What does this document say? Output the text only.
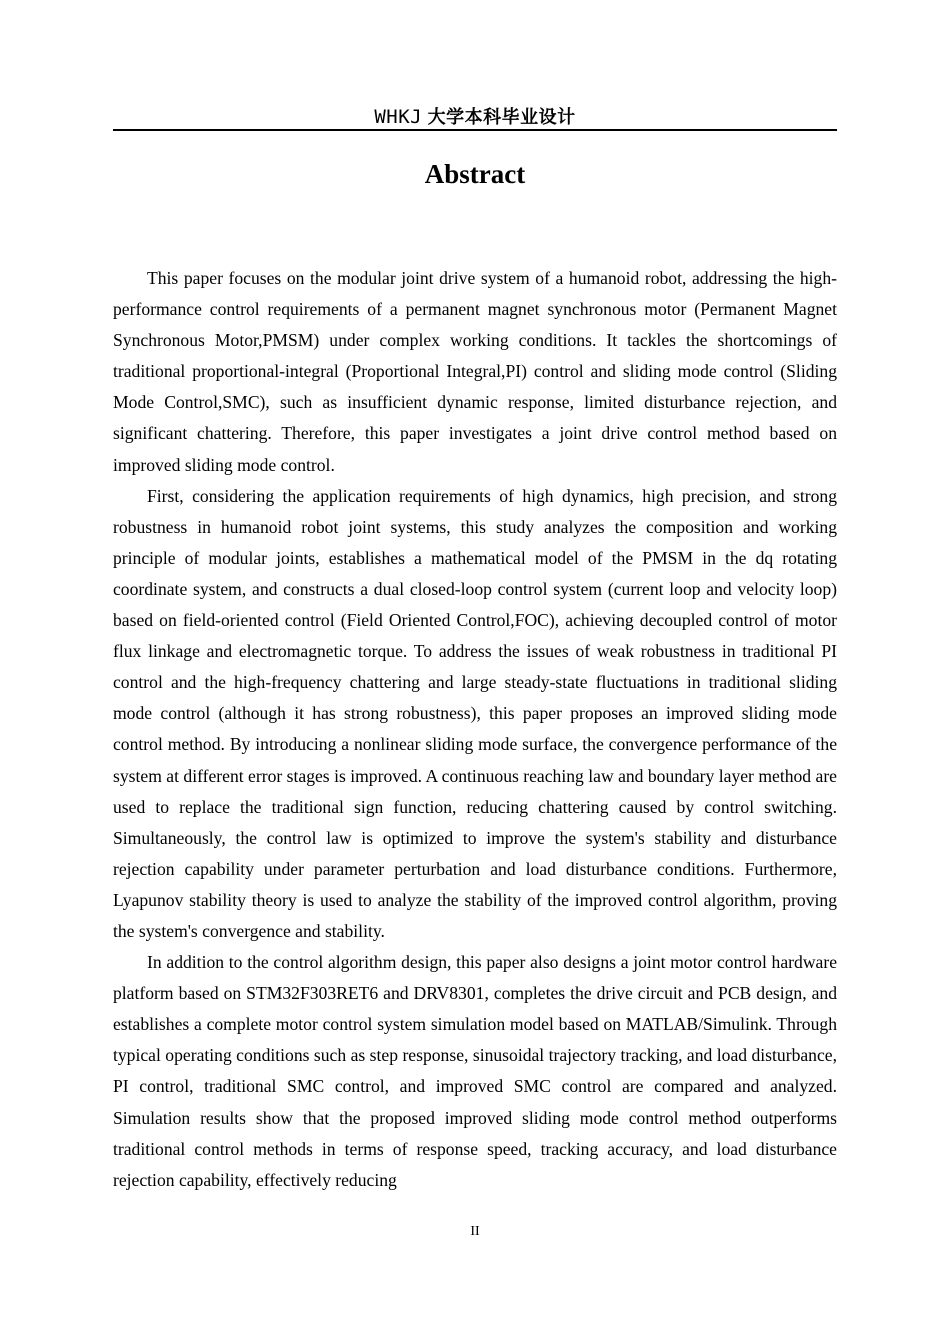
WHKJ 大学本科毕业设计
Abstract

This paper focuses on the modular joint drive system of a humanoid robot, addressing the high-performance control requirements of a permanent magnet synchronous motor (Permanent Magnet Synchronous Motor,PMSM) under complex working conditions. It tackles the shortcomings of traditional proportional-integral (Proportional Integral,PI) control and sliding mode control (Sliding Mode Control,SMC), such as insufficient dynamic response, limited disturbance rejection, and significant chattering. Therefore, this paper investigates a joint drive control method based on improved sliding mode control.

First, considering the application requirements of high dynamics, high precision, and strong robustness in humanoid robot joint systems, this study analyzes the composition and working principle of modular joints, establishes a mathematical model of the PMSM in the dq rotating coordinate system, and constructs a dual closed-loop control system (current loop and velocity loop) based on field-oriented control (Field Oriented Control,FOC), achieving decoupled control of motor flux linkage and electromagnetic torque. To address the issues of weak robustness in traditional PI control and the high-frequency chattering and large steady-state fluctuations in traditional sliding mode control (although it has strong robustness), this paper proposes an improved sliding mode control method. By introducing a nonlinear sliding mode surface, the convergence performance of the system at different error stages is improved. A continuous reaching law and boundary layer method are used to replace the traditional sign function, reducing chattering caused by control switching. Simultaneously, the control law is optimized to improve the system's stability and disturbance rejection capability under parameter perturbation and load disturbance conditions. Furthermore, Lyapunov stability theory is used to analyze the stability of the improved control algorithm, proving the system's convergence and stability.

In addition to the control algorithm design, this paper also designs a joint motor control hardware platform based on STM32F303RET6 and DRV8301, completes the drive circuit and PCB design, and establishes a complete motor control system simulation model based on MATLAB/Simulink. Through typical operating conditions such as step response, sinusoidal trajectory tracking, and load disturbance, PI control, traditional SMC control, and improved SMC control are compared and analyzed. Simulation results show that the proposed improved sliding mode control method outperforms traditional control methods in terms of response speed, tracking accuracy, and load disturbance rejection capability, effectively reducing

II
